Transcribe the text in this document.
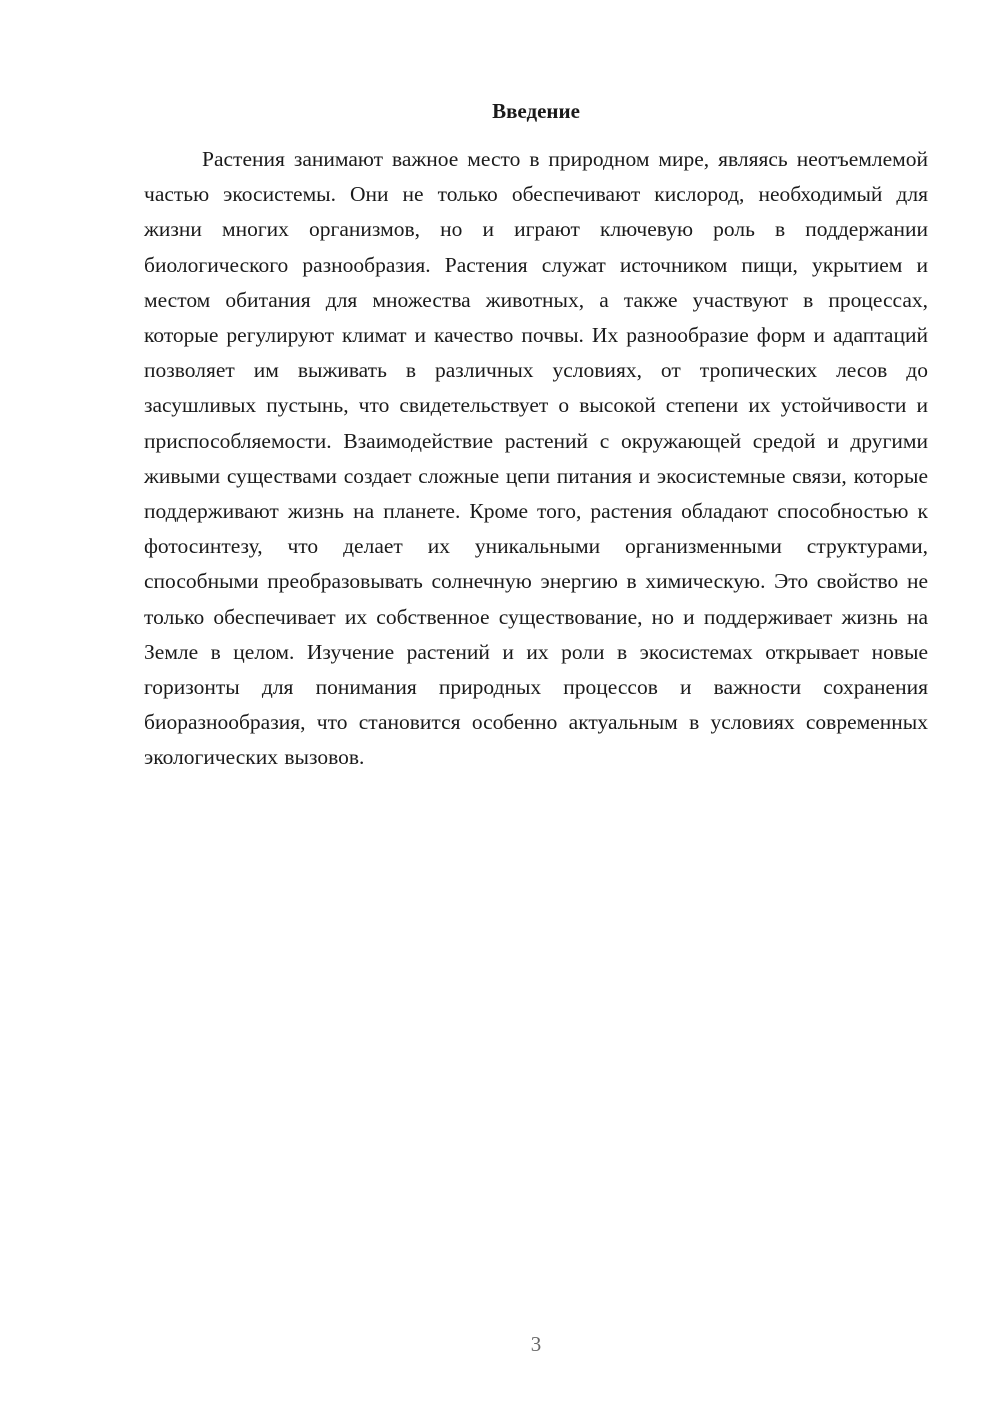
Введение

Растения занимают важное место в природном мире, являясь неотъемлемой частью экосистемы. Они не только обеспечивают кислород, необходимый для жизни многих организмов, но и играют ключевую роль в поддержании биологического разнообразия. Растения служат источником пищи, укрытием и местом обитания для множества животных, а также участвуют в процессах, которые регулируют климат и качество почвы. Их разнообразие форм и адаптаций позволяет им выживать в различных условиях, от тропических лесов до засушливых пустынь, что свидетельствует о высокой степени их устойчивости и приспособляемости. Взаимодействие растений с окружающей средой и другими живыми существами создает сложные цепи питания и экосистемные связи, которые поддерживают жизнь на планете. Кроме того, растения обладают способностью к фотосинтезу, что делает их уникальными организменными структурами, способными преобразовывать солнечную энергию в химическую. Это свойство не только обеспечивает их собственное существование, но и поддерживает жизнь на Земле в целом. Изучение растений и их роли в экосистемах открывает новые горизонты для понимания природных процессов и важности сохранения биоразнообразия, что становится особенно актуальным в условиях современных экологических вызовов.

3
